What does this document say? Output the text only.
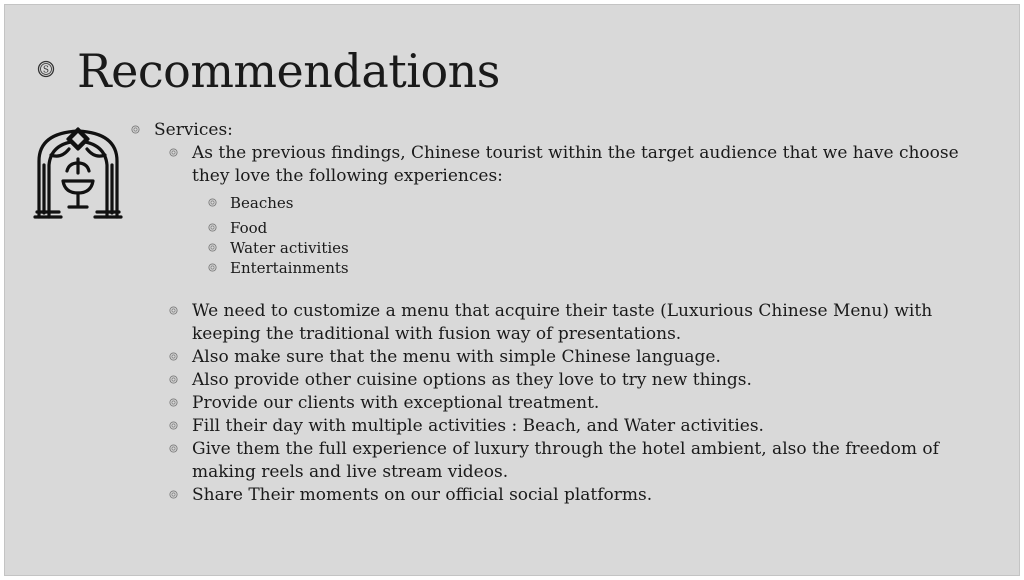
S Recommendations
Services:
As the previous findings, Chinese tourist within the target audience that we have choose
they love the following experiences:
Beaches
Food
Water activities
Entertainments
We need to customize a menu that acquire their taste (Luxurious Chinese Menu) with
keeping the traditional with fusion way of presentations.
Also make sure that the menu with simple Chinese language.
Also provide other cuisine options as they love to try new things.
Provide our clients with exceptional treatment.
Fill their day with multiple activities : Beach, and Water activities.
Give them the full experience of luxury through the hotel ambient, also the freedom of
making reels and live stream videos.
Share Their moments on our official social platforms.
